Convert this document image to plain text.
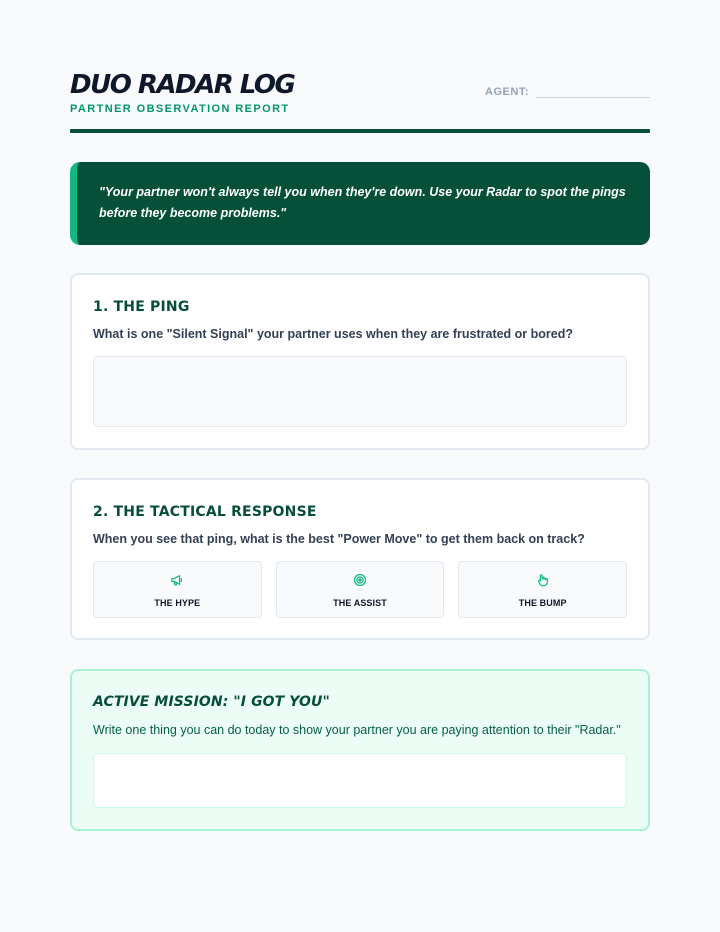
DUO RADAR LOG
PARTNER OBSERVATION REPORT
AGENT:
"Your partner won't always tell you when they're down. Use your Radar to spot the pings before they become problems."
1. THE PING
What is one "Silent Signal" your partner uses when they are frustrated or bored?
2. THE TACTICAL RESPONSE
When you see that ping, what is the best "Power Move" to get them back on track?
THE HYPE	THE ASSIST	THE BUMP
ACTIVE MISSION: "I GOT YOU"
Write one thing you can do today to show your partner you are paying attention to their "Radar."
